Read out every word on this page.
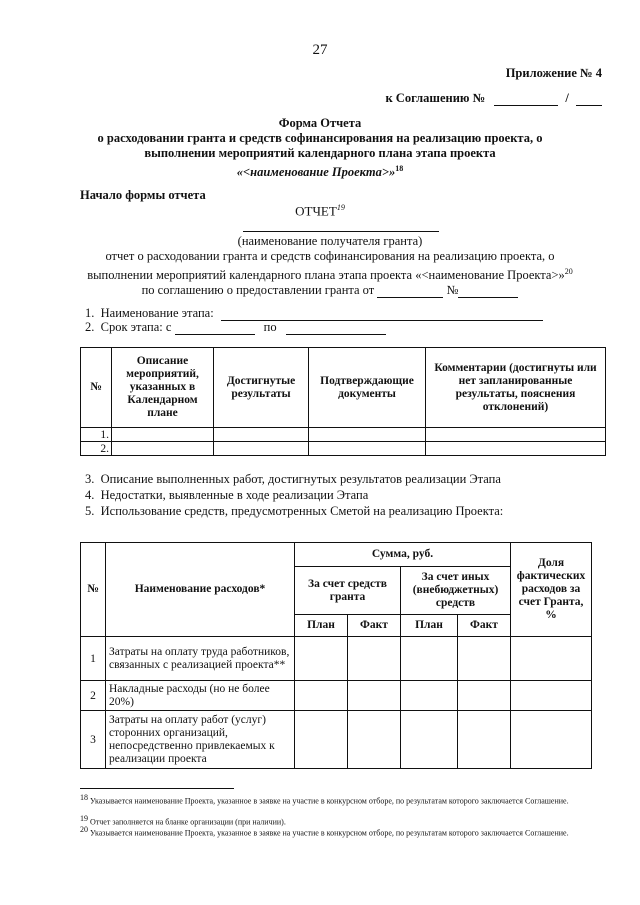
27
Приложение № 4
к Соглашению №	/
Форма Отчета
о расходовании гранта и средств софинансирования на реализацию проекта, о
выполнении мероприятий календарного плана этапа проекта
«<наименование Проекта>»$^{18}$
Начало формы отчета
ОТЧЕТ$^{19}$
(наименование получателя гранта)
отчет о расходовании гранта и средств софинансирования на реализацию проекта, о
выполнении мероприятий календарного плана этапа проекта «<наименование Проекта>»$^{20}$
по соглашению о предоставлении гранта от	№
1. Наименование этапа:
2. Срок этапа: с	по
№	Описание мероприятий, указанных в Календарном плане	Достигнутые результаты	Подтверждающие документы	Комментарии (достигнуты или нет запланированные результаты, пояснения отклонений)
1.				
2.				
3. Описание выполненных работ, достигнутых результатов реализации Этапа
4. Недостатки, выявленные в ходе реализации Этапа
5. Использование средств, предусмотренных Сметой на реализацию Проекта:
№	Наименование расходов*	Сумма, руб.				Доля фактических расходов за счет Гранта, %
		За счет средств гранта		За счет иных (внебюджетных) средств		
		План	Факт	План	Факт	
1	Затраты на оплату труда работников, связанных с реализацией проекта**					
2	Накладные расходы (но не более 20%)					
3	Затраты на оплату работ (услуг) сторонних организаций, непосредственно привлекаемых к реализации проекта					
$^{18}$ Указывается наименование Проекта, указанное в заявке на участие в конкурсном отборе, по результатам которого заключается Соглашение.
$^{19}$ Отчет заполняется на бланке организации (при наличии).
$^{20}$ Указывается наименование Проекта, указанное в заявке на участие в конкурсном отборе, по результатам которого заключается Соглашение.
